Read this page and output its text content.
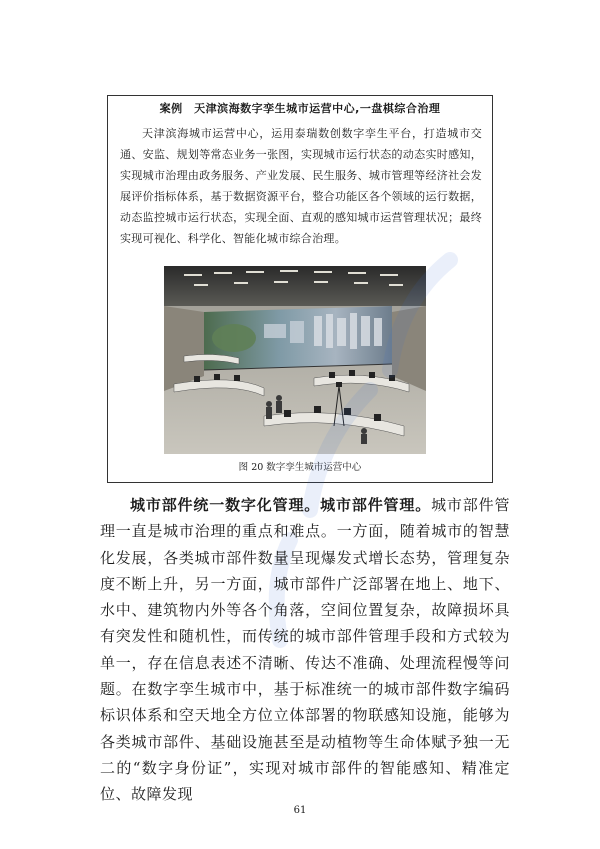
案例　天津滨海数字孪生城市运营中心,一盘棋综合治理
天津滨海城市运营中心，运用泰瑞数创数字孪生平台，打造城市交通、安监、规划等常态业务一张图，实现城市运行状态的动态实时感知，实现城市治理由政务服务、产业发展、民生服务、城市管理等经济社会发展评价指标体系，基于数据资源平台，整合功能区各个领域的运行数据，动态监控城市运行状态，实现全面、直观的感知城市运营管理状况；最终实现可视化、科学化、智能化城市综合治理。
图 20 数字孪生城市运营中心
城市部件统一数字化管理。城市部件管理。城市部件管理一直是城市治理的重点和难点。一方面，随着城市的智慧化发展，各类城市部件数量呈现爆发式增长态势，管理复杂度不断上升，另一方面，城市部件广泛部署在地上、地下、水中、建筑物内外等各个角落，空间位置复杂，故障损坏具有突发性和随机性，而传统的城市部件管理手段和方式较为单一，存在信息表述不清晰、传达不准确、处理流程慢等问题。在数字孪生城市中，基于标准统一的城市部件数字编码标识体系和空天地全方位立体部署的物联感知设施，能够为各类城市部件、基础设施甚至是动植物等生命体赋予独一无二的“数字身份证”，实现对城市部件的智能感知、精准定位、故障发现
61
